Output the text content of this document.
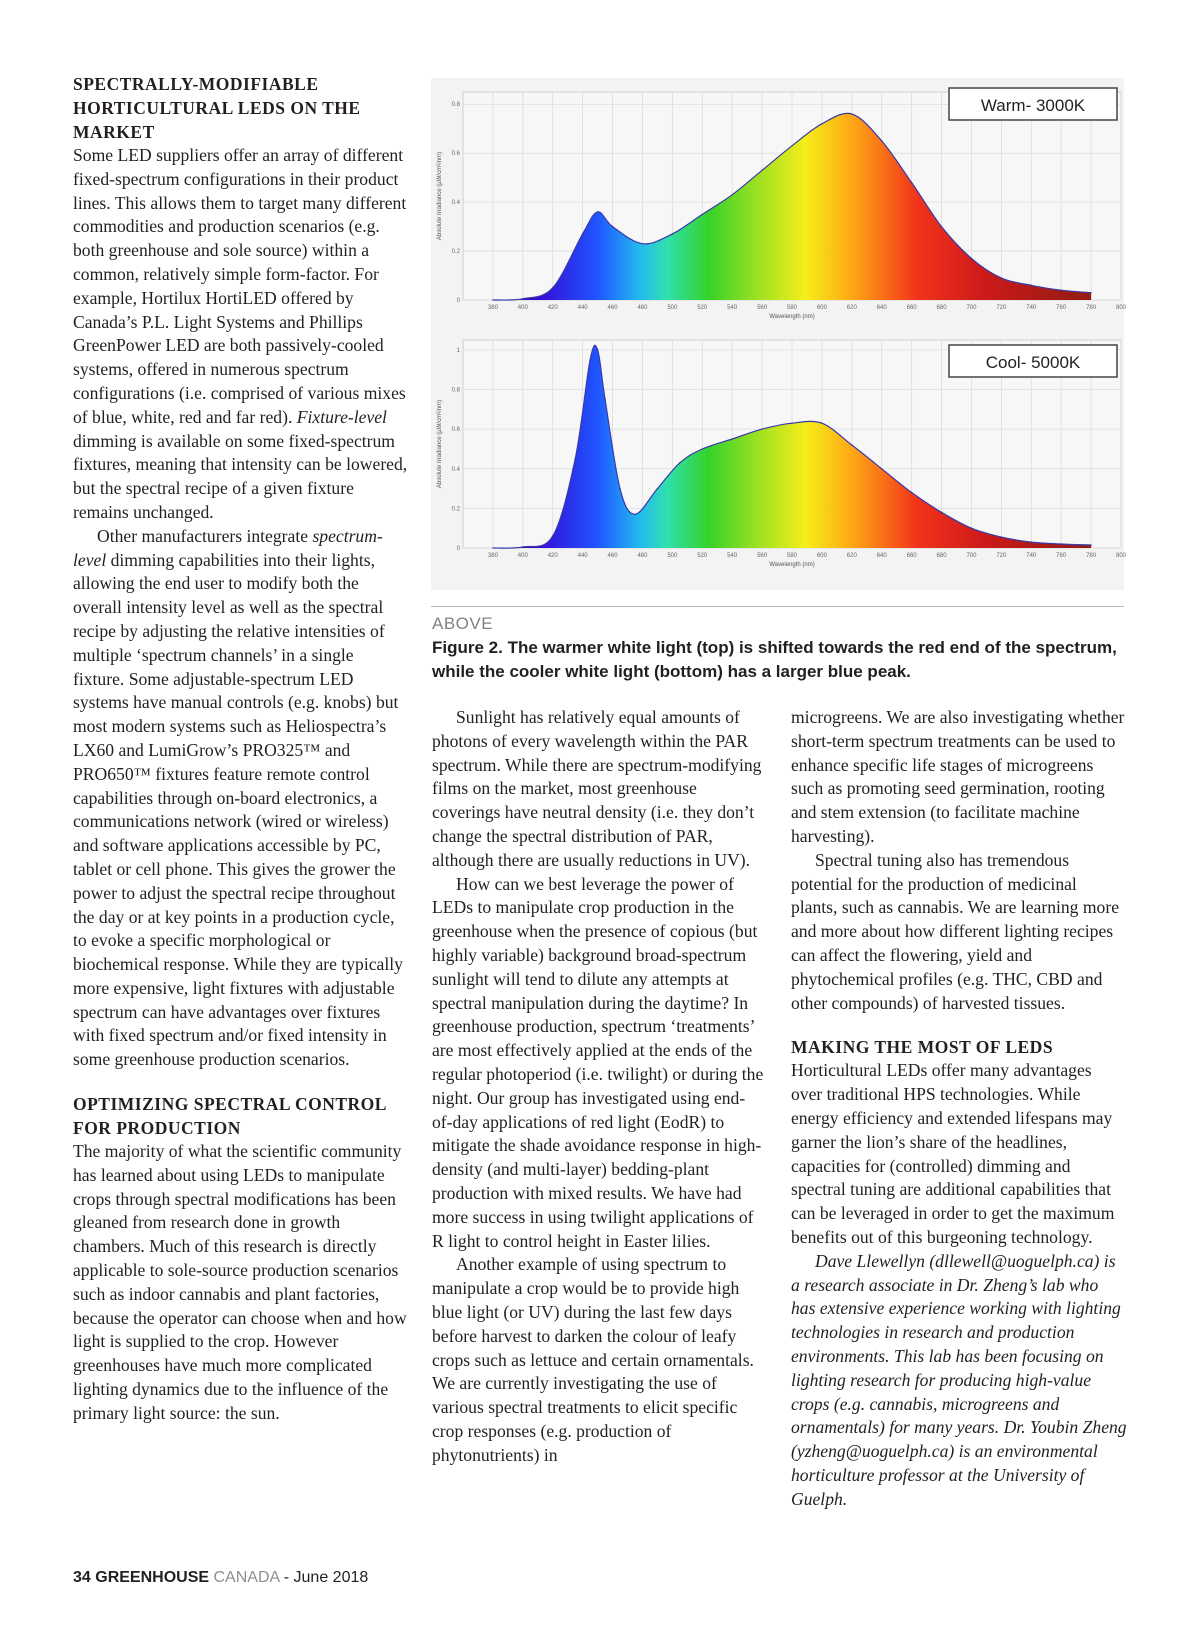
SPECTRALLY-MODIFIABLE HORTICULTURAL LEDS ON THE MARKET

Some LED suppliers offer an array of different fixed-spectrum configurations in their product lines. This allows them to target many different commodities and production scenarios (e.g. both greenhouse and sole source) within a common, relatively simple form-factor. For example, Hortilux HortiLED offered by Canada’s P.L. Light Systems and Phillips GreenPower LED are both passively-cooled systems, offered in numerous spectrum configurations (i.e. comprised of various mixes of blue, white, red and far red). Fixture-level dimming is available on some fixed-spectrum fixtures, meaning that intensity can be lowered, but the spectral recipe of a given fixture remains unchanged.

Other manufacturers integrate spectrum-level dimming capabilities into their lights, allowing the end user to modify both the overall intensity level as well as the spectral recipe by adjusting the relative intensities of multiple ‘spectrum channels’ in a single fixture. Some adjustable-spectrum LED systems have manual controls (e.g. knobs) but most modern systems such as Heliospectra’s LX60 and LumiGrow’s PRO325™ and PRO650™ fixtures feature remote control capabilities through on-board electronics, a communications network (wired or wireless) and software applications accessible by PC, tablet or cell phone. This gives the grower the power to adjust the spectral recipe throughout the day or at key points in a production cycle, to evoke a specific morphological or biochemical response. While they are typically more expensive, light fixtures with adjustable spectrum can have advantages over fixtures with fixed spectrum and/or fixed intensity in some greenhouse production scenarios.

OPTIMIZING SPECTRAL CONTROL FOR PRODUCTION

The majority of what the scientific community has learned about using LEDs to manipulate crops through spectral modifications has been gleaned from research done in growth chambers. Much of this research is directly applicable to sole-source production scenarios such as indoor cannabis and plant factories, because the operator can choose when and how light is supplied to the crop. However greenhouses have much more complicated lighting dynamics due to the influence of the primary light source: the sun.

380	400	420	440	460	480	500	520	540	560	580	600	620	640	660	680	700	720	740	760	780	800
0
0.2
0.4
0.6
0.8
Wavelength (nm)
Absolute Irradiance (µW/cm²/nm)
380	400	420	440	460	480	500	520	540	560	580	600	620	640	660	680	700	720	740	760	780	800
0
0.2
0.4
0.6
0.8
1
Wavelength (nm)
Absolute Irradiance (µW/cm²/nm)
Warm- 3000K
Cool- 5000K
ABOVE
Figure 2. The warmer white light (top) is shifted towards the red end of the spectrum, while the cooler white light (bottom) has a larger blue peak.

Sunlight has relatively equal amounts of photons of every wavelength within the PAR spectrum. While there are spectrum-modifying films on the market, most greenhouse coverings have neutral density (i.e. they don’t change the spectral distribution of PAR, although there are usually reductions in UV).

How can we best leverage the power of LEDs to manipulate crop production in the greenhouse when the presence of copious (but highly variable) background broad-spectrum sunlight will tend to dilute any attempts at spectral manipulation during the daytime? In greenhouse production, spectrum ‘treatments’ are most effectively applied at the ends of the regular photoperiod (i.e. twilight) or during the night. Our group has investigated using end-of-day applications of red light (EodR) to mitigate the shade avoidance response in high-density (and multi-layer) bedding-plant production with mixed results. We have had more success in using twilight applications of R light to control height in Easter lilies.

Another example of using spectrum to manipulate a crop would be to provide high blue light (or UV) during the last few days before harvest to darken the colour of leafy crops such as lettuce and certain ornamentals. We are currently investigating the use of various spectral treatments to elicit specific crop responses (e.g. production of phytonutrients) in

microgreens. We are also investigating whether short-term spectrum treatments can be used to enhance specific life stages of microgreens such as promoting seed germination, rooting and stem extension (to facilitate machine harvesting).

Spectral tuning also has tremendous potential for the production of medicinal plants, such as cannabis. We are learning more and more about how different lighting recipes can affect the flowering, yield and phytochemical profiles (e.g. THC, CBD and other compounds) of harvested tissues.

MAKING THE MOST OF LEDS

Horticultural LEDs offer many advantages over traditional HPS technologies. While energy efficiency and extended lifespans may garner the lion’s share of the headlines, capacities for (controlled) dimming and spectral tuning are additional capabilities that can be leveraged in order to get the maximum benefits out of this burgeoning technology.

Dave Llewellyn (dllewell@uoguelph.ca) is a research associate in Dr. Zheng’s lab who has extensive experience working with lighting technologies in research and production environments. This lab has been focusing on lighting research for producing high-value crops (e.g. cannabis, microgreens and ornamentals) for many years. Dr. Youbin Zheng (yzheng@uoguelph.ca) is an environmental horticulture professor at the University of Guelph.

34 GREENHOUSE CANADA - June 2018
